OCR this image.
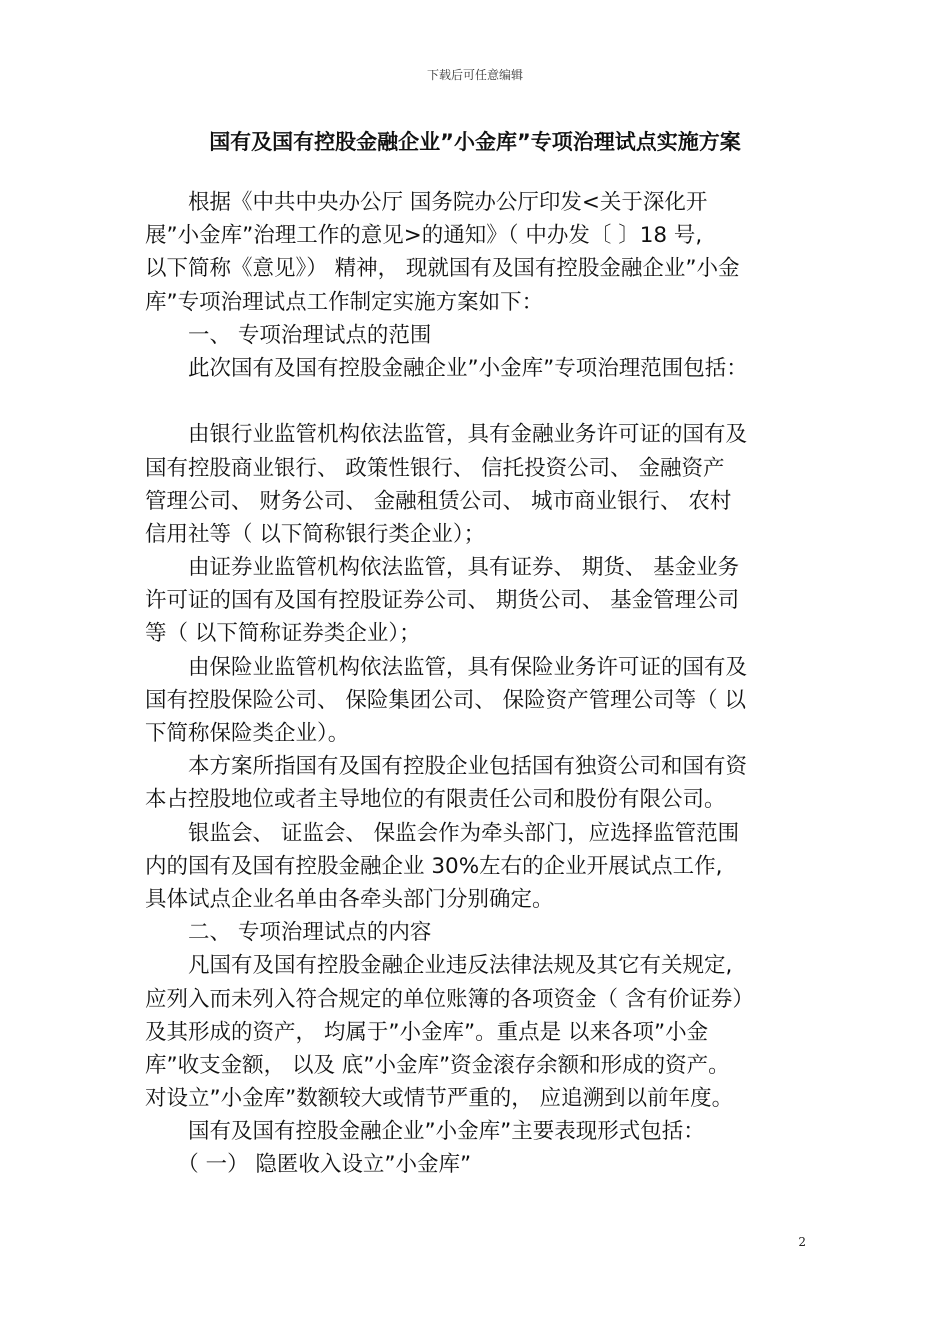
下载后可任意编辑
国有及国有控股金融企业”小金库”专项治理试点实施方案
　　根据《中共中央办公厅 国务院办公厅印发<关于深化开
展”小金库”治理工作的意见>的通知》（ 中办发〔 〕18 号,
以下简称《意见》） 精神， 现就国有及国有控股金融企业”小金
库”专项治理试点工作制定实施方案如下：
　　一、 专项治理试点的范围
　　此次国有及国有控股金融企业”小金库”专项治理范围包括：
　　由银行业监管机构依法监管，具有金融业务许可证的国有及
国有控股商业银行、 政策性银行、 信托投资公司、 金融资产
管理公司、 财务公司、 金融租赁公司、 城市商业银行、 农村
信用社等（ 以下简称银行类企业）；
　　由证券业监管机构依法监管，具有证券、 期货、 基金业务
许可证的国有及国有控股证券公司、 期货公司、 基金管理公司
等（ 以下简称证券类企业）；
　　由保险业监管机构依法监管，具有保险业务许可证的国有及
国有控股保险公司、 保险集团公司、 保险资产管理公司等（ 以
下简称保险类企业）。
　　本方案所指国有及国有控股企业包括国有独资公司和国有资
本占控股地位或者主导地位的有限责任公司和股份有限公司。
　　银监会、 证监会、 保监会作为牵头部门，应选择监管范围
内的国有及国有控股金融企业 30%左右的企业开展试点工作,
具体试点企业名单由各牵头部门分别确定。
　　二、 专项治理试点的内容
　　凡国有及国有控股金融企业违反法律法规及其它有关规定,
应列入而未列入符合规定的单位账簿的各项资金（ 含有价证券）
及其形成的资产， 均属于”小金库”。重点是 以来各项”小金
库”收支金额， 以及 底”小金库”资金滚存余额和形成的资产。
对设立”小金库”数额较大或情节严重的， 应追溯到以前年度。
　　国有及国有控股金融企业”小金库”主要表现形式包括：
　　（ 一） 隐匿收入设立”小金库”
2
